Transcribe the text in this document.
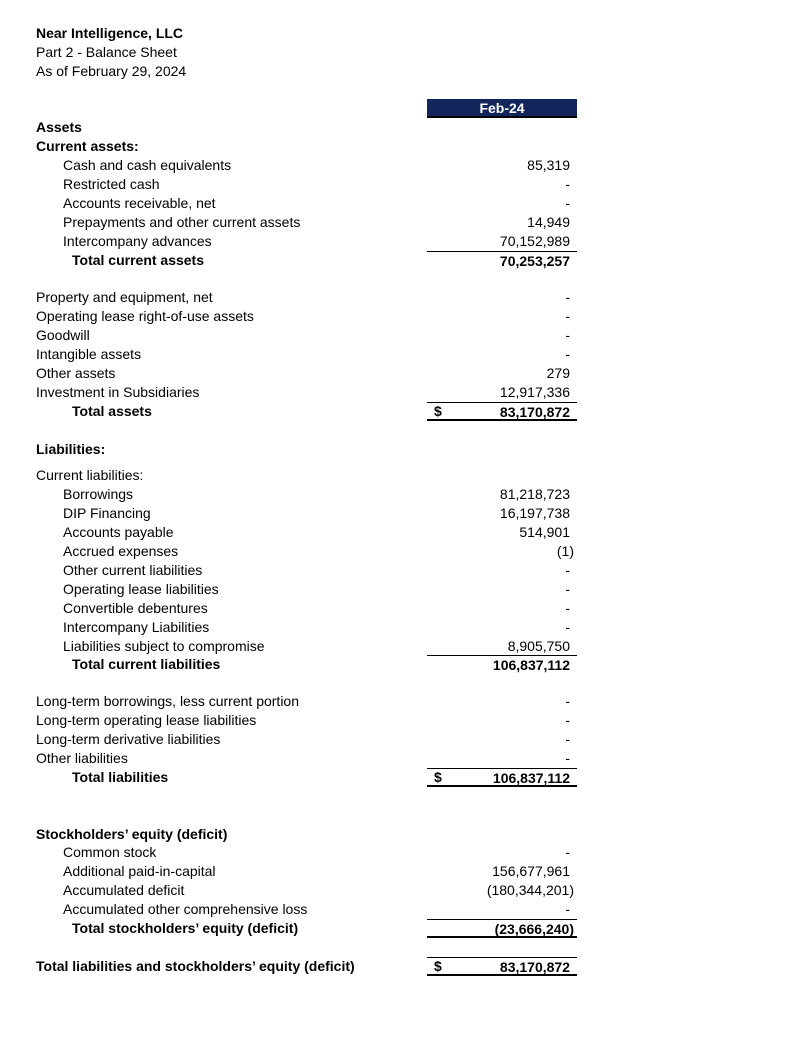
Near Intelligence, LLC
Part 2 - Balance Sheet
As of February 29, 2024
Feb-24
Assets
Current assets:
Cash and cash equivalents	85,319
Restricted cash	-
Accounts receivable, net	-
Prepayments and other current assets	14,949
Intercompany advances	70,152,989
Total current assets	70,253,257
Property and equipment, net	-
Operating lease right-of-use assets	-
Goodwill	-
Intangible assets	-
Other assets	279
Investment in Subsidiaries	12,917,336
Total assets	83,170,872
$
Liabilities:
Current liabilities:
Borrowings	81,218,723
DIP Financing	16,197,738
Accounts payable	514,901
Accrued expenses	(1)
Other current liabilities	-
Operating lease liabilities	-
Convertible debentures	-
Intercompany Liabilities	-
Liabilities subject to compromise	8,905,750
Total current liabilities	106,837,112
Long-term borrowings, less current portion	-
Long-term operating lease liabilities	-
Long-term derivative liabilities	-
Other liabilities	-
Total liabilities	106,837,112
$
Stockholders’ equity (deficit)
Common stock	-
Additional paid-in-capital	156,677,961
Accumulated deficit	(180,344,201)
Accumulated other comprehensive loss	-
Total stockholders’ equity (deficit)	(23,666,240)
Total liabilities and stockholders’ equity (deficit)	83,170,872
$
